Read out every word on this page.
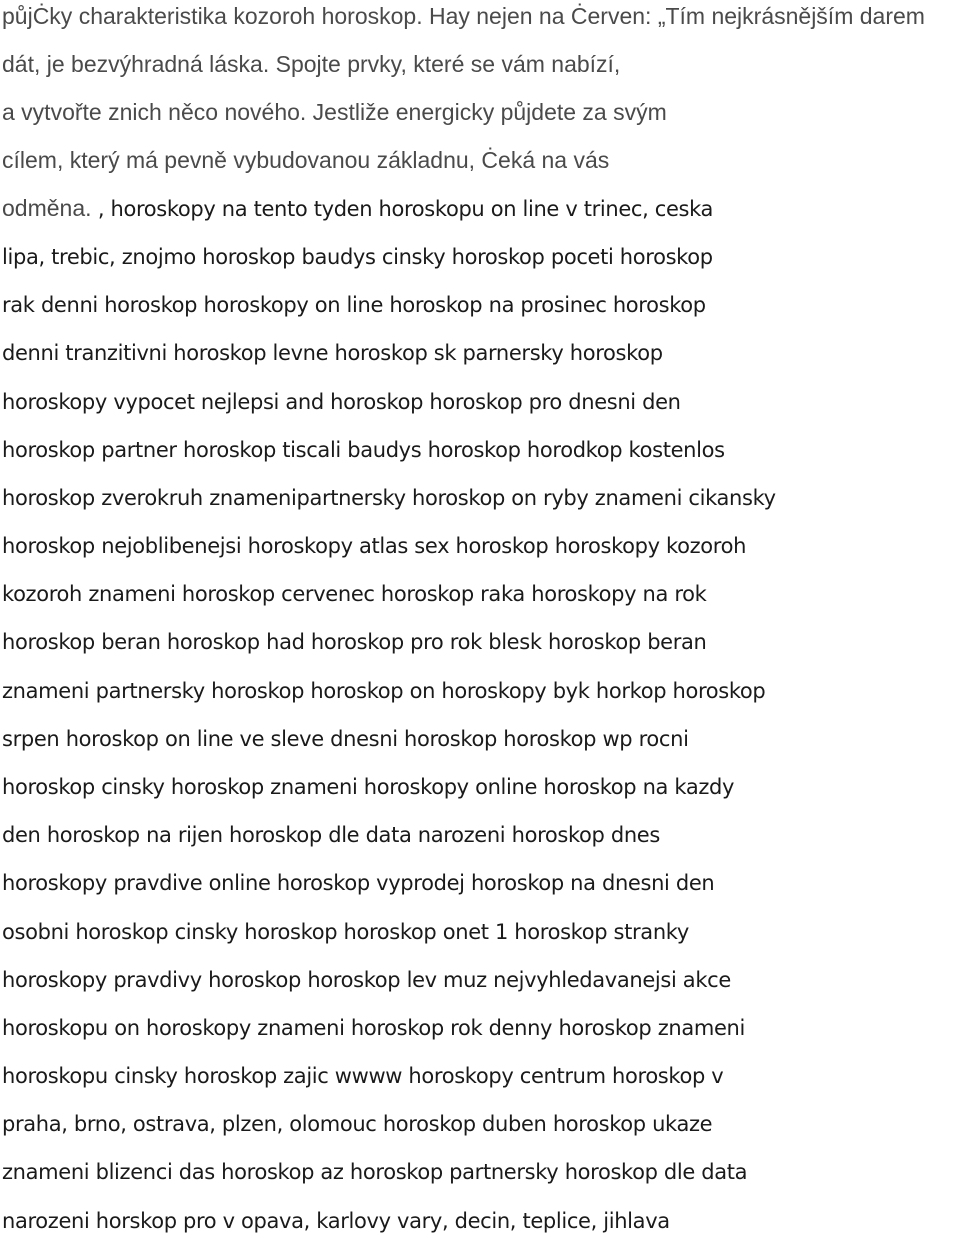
půjĊky charakteristika kozoroh horoskop. Hay nejen na Ċerven: „Tím nejkrásnějším darem
dát, je bezvýhradná láska. Spojte prvky, které se vám nabízí,
a vytvořte znich něco nového. Jestliže energicky půjdete za svým
cílem, který má pevně vybudovanou základnu, Ċeká na vás
odměna. , horoskopy na tento tyden horoskopu on line v trinec, ceska
lipa, trebic, znojmo horoskop baudys cinsky horoskop poceti horoskop
rak denni horoskop horoskopy on line horoskop na prosinec horoskop
denni tranzitivni horoskop levne horoskop sk parnersky horoskop
horoskopy vypocet nejlepsi and horoskop horoskop pro dnesni den
horoskop partner horoskop tiscali baudys horoskop horodkop kostenlos
horoskop zverokruh znamenipartnersky horoskop on ryby znameni cikansky
horoskop nejoblibenejsi horoskopy atlas sex horoskop horoskopy kozoroh
kozoroh znameni horoskop cervenec horoskop raka horoskopy na rok
horoskop beran horoskop had horoskop pro rok blesk horoskop beran
znameni partnersky horoskop horoskop on horoskopy byk horkop horoskop
srpen horoskop on line ve sleve dnesni horoskop horoskop wp rocni
horoskop cinsky horoskop znameni horoskopy online horoskop na kazdy
den horoskop na rijen horoskop dle data narozeni horoskop dnes
horoskopy pravdive online horoskop vyprodej horoskop na dnesni den
osobni horoskop cinsky horoskop horoskop onet 1 horoskop stranky
horoskopy pravdivy horoskop horoskop lev muz nejvyhledavanejsi akce
horoskopu on horoskopy znameni horoskop rok denny horoskop znameni
horoskopu cinsky horoskop zajic wwww horoskopy centrum horoskop v
praha, brno, ostrava, plzen, olomouc horoskop duben horoskop ukaze
znameni blizenci das horoskop az horoskop partnersky horoskop dle data
narozeni horskop pro v opava, karlovy vary, decin, teplice, jihlava
